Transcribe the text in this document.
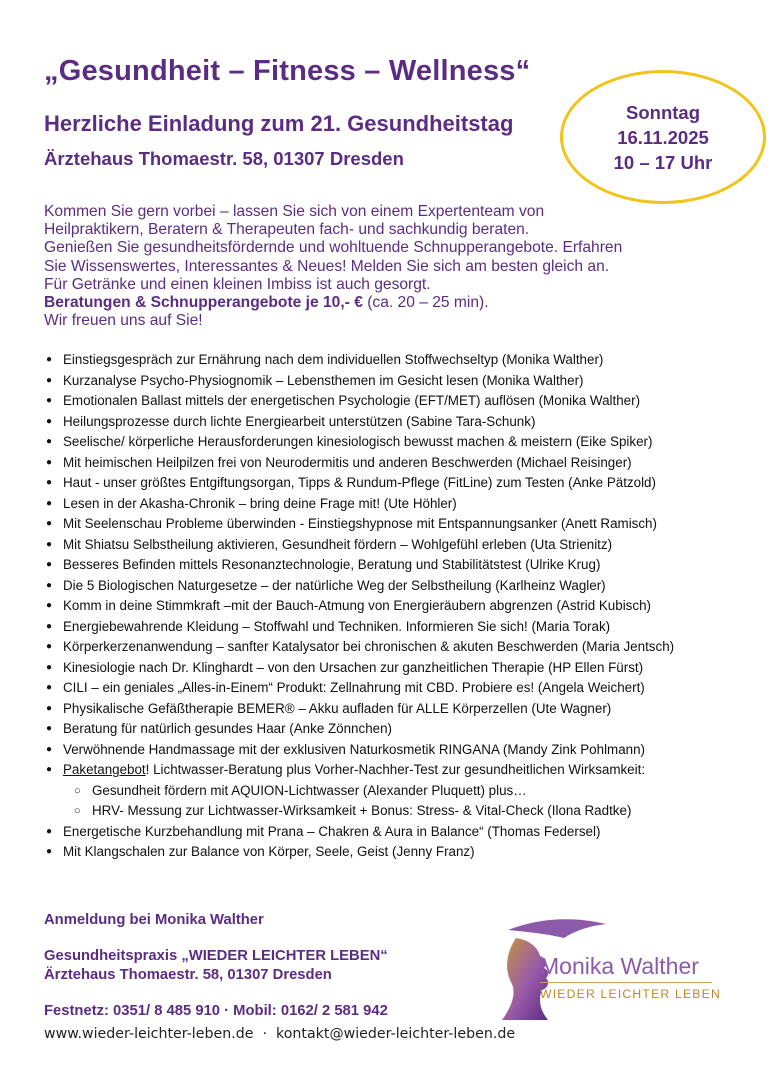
„Gesundheit – Fitness – Wellness“
Herzliche Einladung zum 21. Gesundheitstag

Ärztehaus Thomaestr. 58, 01307 Dresden

Sonntag
16.11.2025
10 – 17 Uhr

Kommen Sie gern vorbei – lassen Sie sich von einem Expertenteam von

Heilpraktikern, Beratern & Therapeuten fach- und sachkundig beraten.

Genießen Sie gesundheitsfördernde und wohltuende Schnupperangebote. Erfahren

Sie Wissenswertes, Interessantes & Neues! Melden Sie sich am besten gleich an.

Für Getränke und einen kleinen Imbiss ist auch gesorgt.

Beratungen & Schnupperangebote je 10,- € (ca. 20 – 25 min).

Wir freuen uns auf Sie!

● Einstiegsgespräch zur Ernährung nach dem individuellen Stoffwechseltyp (Monika Walther)
● Kurzanalyse Psycho-Physiognomik – Lebensthemen im Gesicht lesen (Monika Walther)
● Emotionalen Ballast mittels der energetischen Psychologie (EFT/MET) auflösen (Monika Walther)
● Heilungsprozesse durch lichte Energiearbeit unterstützen (Sabine Tara-Schunk)
● Seelische/ körperliche Herausforderungen kinesiologisch bewusst machen & meistern (Eike Spiker)
● Mit heimischen Heilpilzen frei von Neurodermitis und anderen Beschwerden (Michael Reisinger)
● Haut - unser größtes Entgiftungsorgan, Tipps & Rundum-Pflege (FitLine) zum Testen (Anke Pätzold)
● Lesen in der Akasha-Chronik – bring deine Frage mit! (Ute Höhler)
● Mit Seelenschau Probleme überwinden - Einstiegshypnose mit Entspannungsanker (Anett Ramisch)
● Mit Shiatsu Selbstheilung aktivieren, Gesundheit fördern – Wohlgefühl erleben (Uta Strienitz)
● Besseres Befinden mittels Resonanztechnologie, Beratung und Stabilitätstest (Ulrike Krug)
● Die 5 Biologischen Naturgesetze – der natürliche Weg der Selbstheilung (Karlheinz Wagler)
● Komm in deine Stimmkraft –mit der Bauch-Atmung von Energieräubern abgrenzen (Astrid Kubisch)
● Energiebewahrende Kleidung – Stoffwahl und Techniken. Informieren Sie sich! (Maria Torak)
● Körperkerzenanwendung – sanfter Katalysator bei chronischen & akuten Beschwerden (Maria Jentsch)
● Kinesiologie nach Dr. Klinghardt – von den Ursachen zur ganzheitlichen Therapie (HP Ellen Fürst)
● CILI – ein geniales „Alles-in-Einem“ Produkt: Zellnahrung mit CBD. Probiere es! (Angela Weichert)
● Physikalische Gefäßtherapie BEMER® – Akku aufladen für ALLE Körperzellen (Ute Wagner)
● Beratung für natürlich gesundes Haar (Anke Zönnchen)
● Verwöhnende Handmassage mit der exklusiven Naturkosmetik RINGANA (Mandy Zink Pohlmann)
● Paketangebot! Lichtwasser-Beratung plus Vorher-Nachher-Test zur gesundheitlichen Wirksamkeit:
○ Gesundheit fördern mit AQUION-Lichtwasser (Alexander Pluquett) plus…
○ HRV- Messung zur Lichtwasser-Wirksamkeit + Bonus: Stress- & Vital-Check (Ilona Radtke)
● Energetische Kurzbehandlung mit Prana – Chakren & Aura in Balance“ (Thomas Federsel)
● Mit Klangschalen zur Balance von Körper, Seele, Geist (Jenny Franz)

Anmeldung bei Monika Walther

Gesundheitspraxis „WIEDER LEICHTER LEBEN“
Ärztehaus Thomaestr. 58, 01307 Dresden

Festnetz: 0351/ 8 485 910 · Mobil: 0162/ 2 581 942

www.wieder-leichter-leben.de · kontakt@wieder-leichter-leben.de

Monika Walther
WIEDER LEICHTER LEBEN
